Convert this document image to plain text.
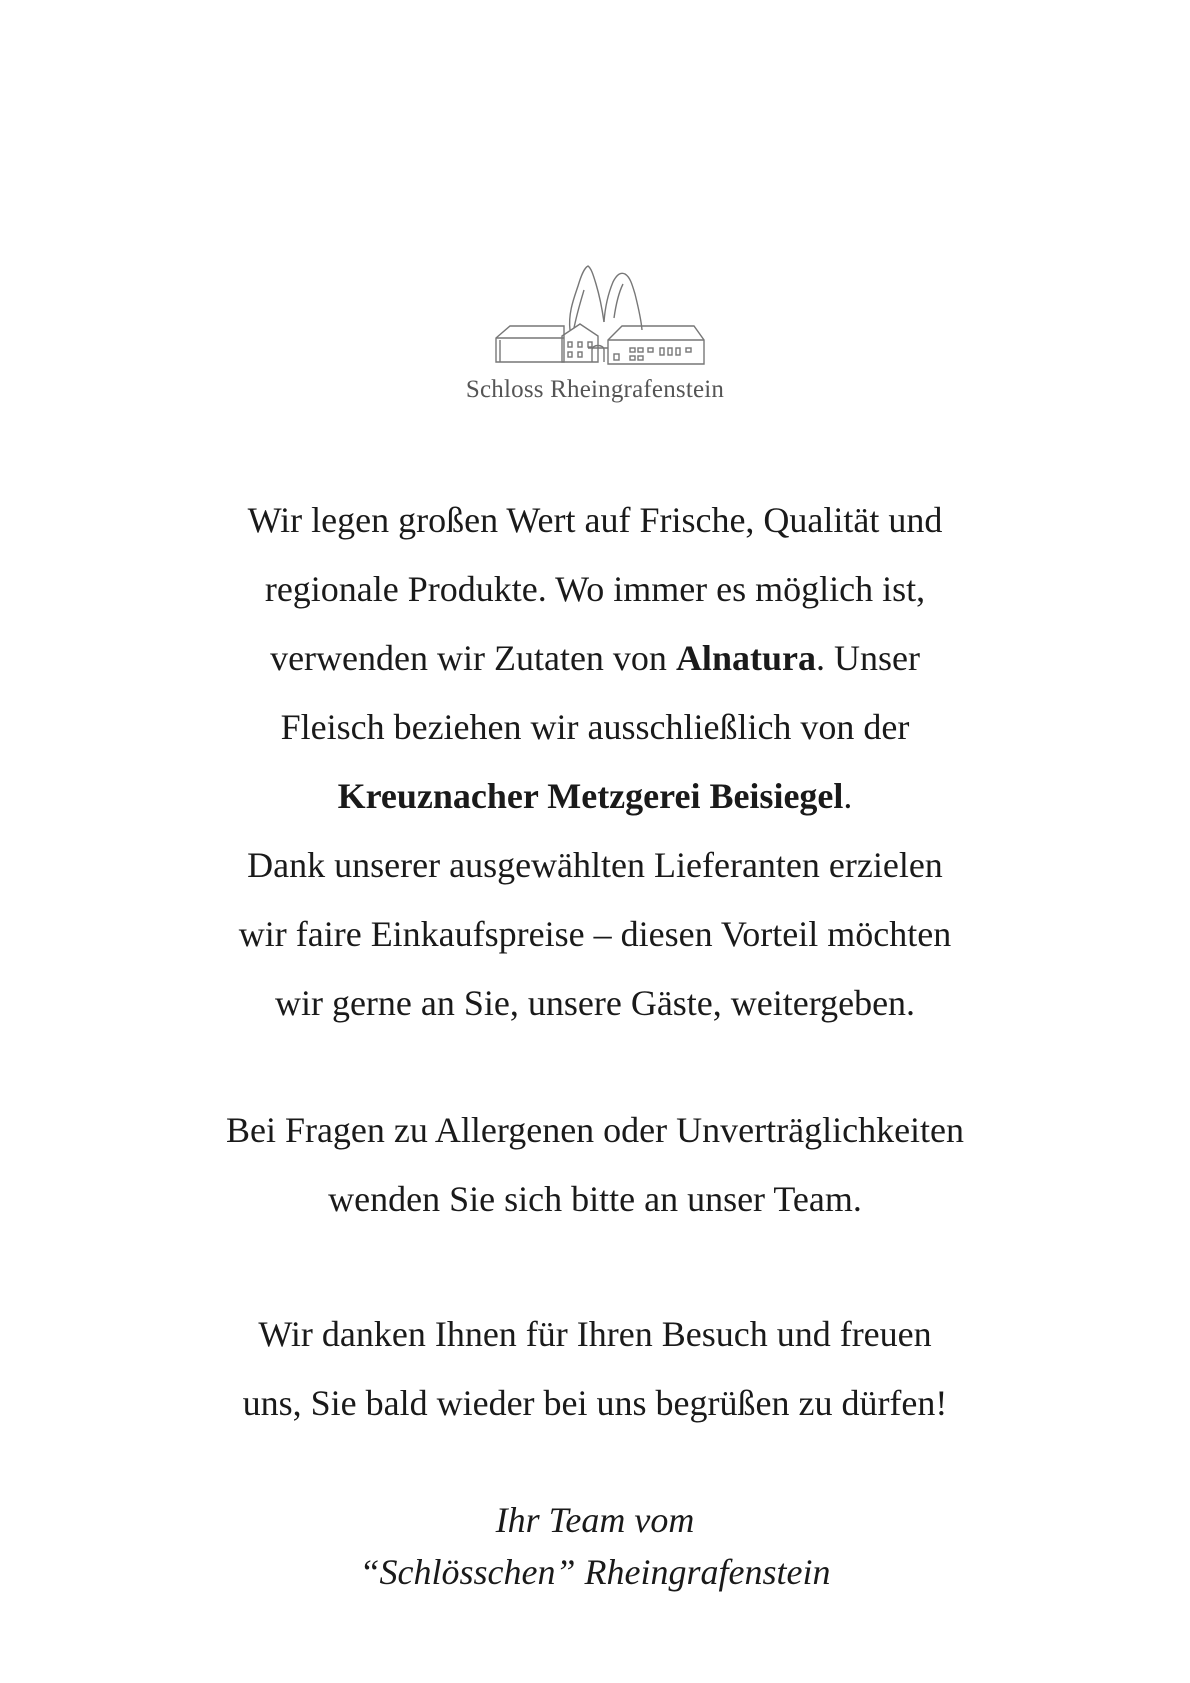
Schloss Rheingrafenstein
Wir legen großen Wert auf Frische, Qualität und
regionale Produkte. Wo immer es möglich ist,
verwenden wir Zutaten von Alnatura. Unser
Fleisch beziehen wir ausschließlich von der
Kreuznacher Metzgerei Beisiegel.
Dank unserer ausgewählten Lieferanten erzielen
wir faire Einkaufspreise – diesen Vorteil möchten
wir gerne an Sie, unsere Gäste, weitergeben.
Bei Fragen zu Allergenen oder Unverträglichkeiten
wenden Sie sich bitte an unser Team.
Wir danken Ihnen für Ihren Besuch und freuen
uns, Sie bald wieder bei uns begrüßen zu dürfen!
Ihr Team vom
“Schlösschen” Rheingrafenstein
